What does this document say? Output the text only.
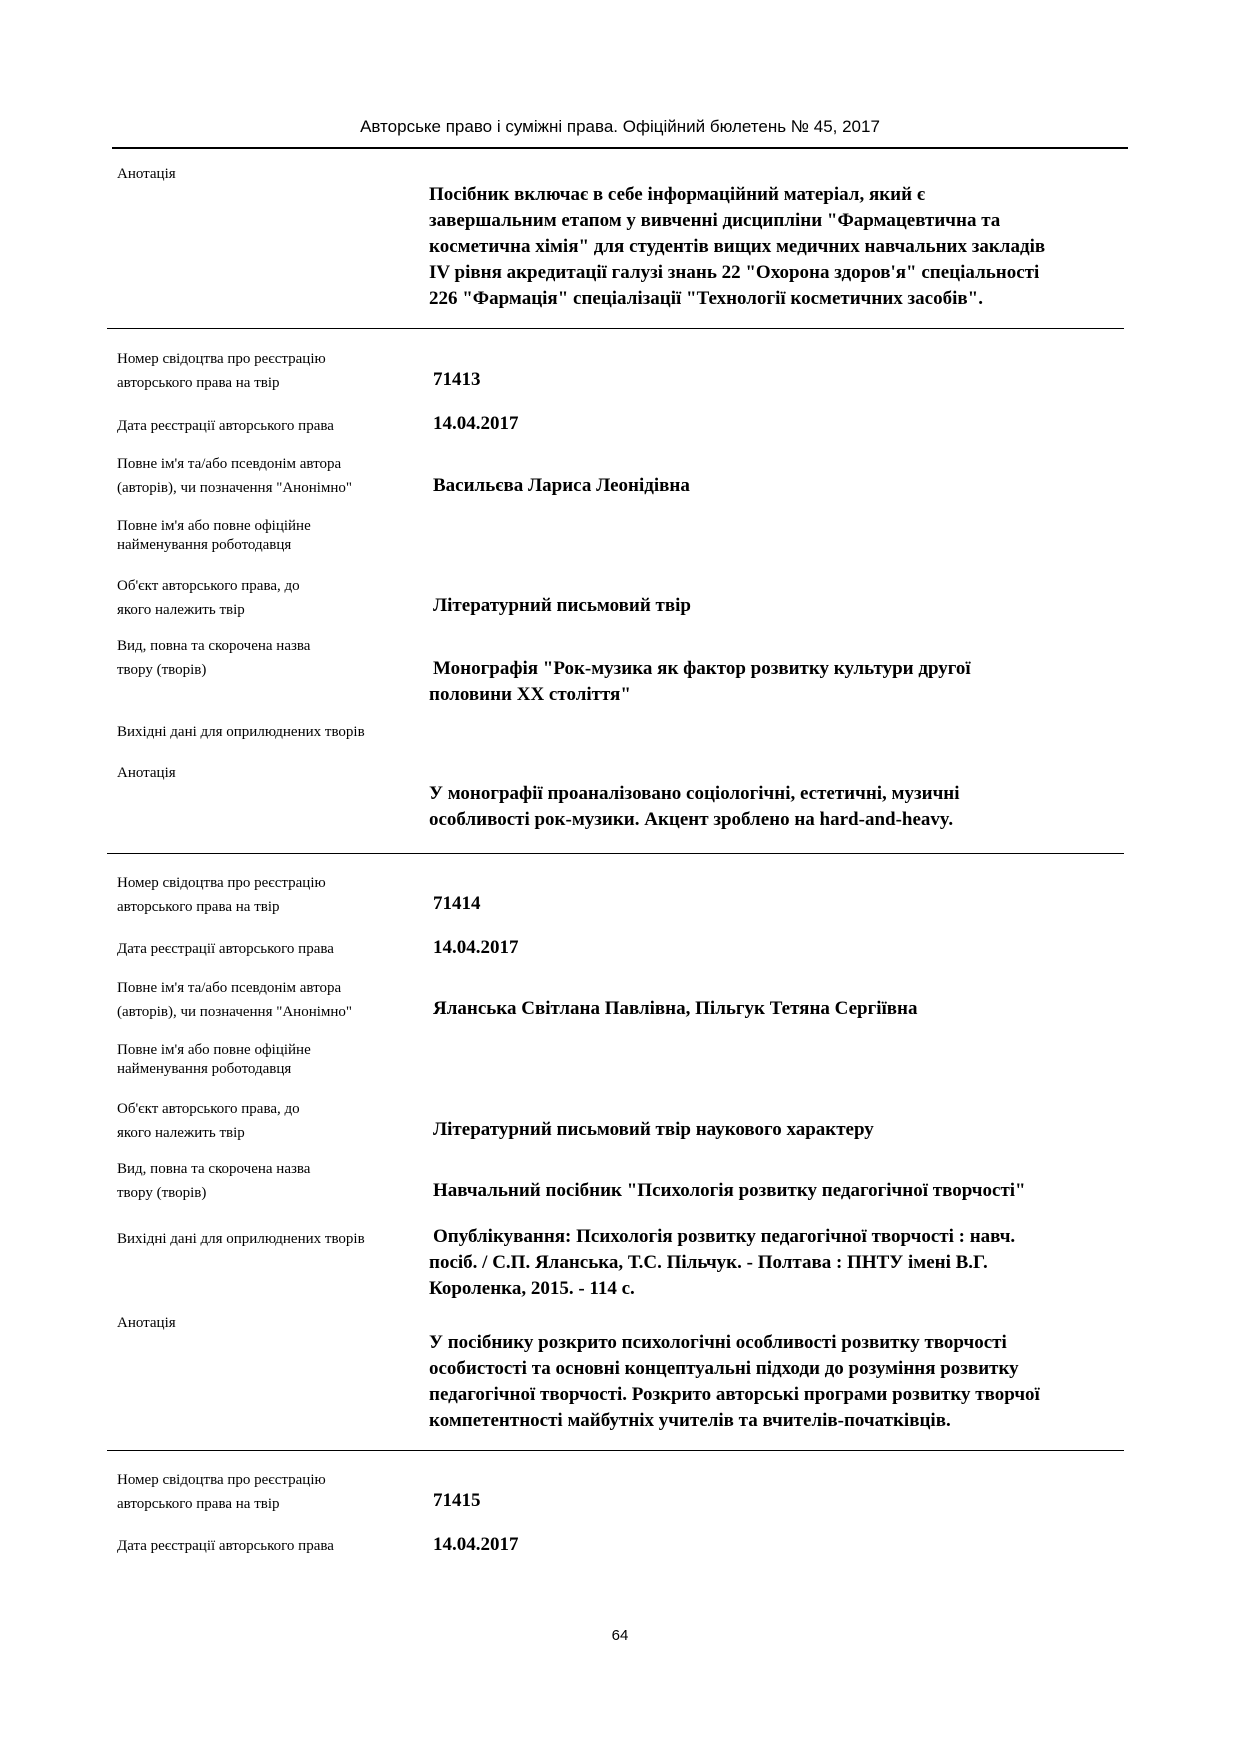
Авторське право і суміжні права. Офіційний бюлетень № 45, 2017
Анотація
Посібник включає в себе інформаційний матеріал, який є
завершальним етапом у вивченні дисципліни "Фармацевтична та
косметична хімія" для студентів вищих медичних навчальних закладів
IV рівня акредитації галузі знань 22 "Охорона здоров'я" спеціальності
226 "Фармація" спеціалізації "Технології косметичних засобів".
Номер свідоцтва про реєстрацію
авторського права на твір	71413
Дата реєстрації авторського права	14.04.2017
Повне ім'я та/або псевдонім автора
(авторів), чи позначення "Анонімно"	Васильєва Лариса Леонідівна
Повне ім'я або повне офіційне
найменування роботодавця
Об'єкт авторського права, до
якого належить твір	Літературний письмовий твір
Вид, повна та скорочена назва
твору (творів)	Монографія "Рок-музика як фактор розвитку культури другої
половини XX століття"
Вихідні дані для оприлюднених творів
Анотація
У монографії проаналізовано соціологічні, естетичні, музичні
особливості рок-музики. Акцент зроблено на hard-and-heavy.
Номер свідоцтва про реєстрацію
авторського права на твір	71414
Дата реєстрації авторського права	14.04.2017
Повне ім'я та/або псевдонім автора
(авторів), чи позначення "Анонімно"	Яланська Світлана Павлівна, Пільгук Тетяна Сергіївна
Повне ім'я або повне офіційне
найменування роботодавця
Об'єкт авторського права, до
якого належить твір	Літературний письмовий твір наукового характеру
Вид, повна та скорочена назва
твору (творів)	Навчальний посібник "Психологія розвитку педагогічної творчості"
Вихідні дані для оприлюднених творів	Опублікування: Психологія розвитку педагогічної творчості : навч.
посіб. / С.П. Яланська, Т.С. Пільчук. - Полтава : ПНТУ імені В.Г.
Короленка, 2015. - 114 с.
Анотація
У посібнику розкрито психологічні особливості розвитку творчості
особистості та основні концептуальні підходи до розуміння розвитку
педагогічної творчості. Розкрито авторські програми розвитку творчої
компетентності майбутніх учителів та вчителів-початківців.
Номер свідоцтва про реєстрацію
авторського права на твір	71415
Дата реєстрації авторського права	14.04.2017
64
